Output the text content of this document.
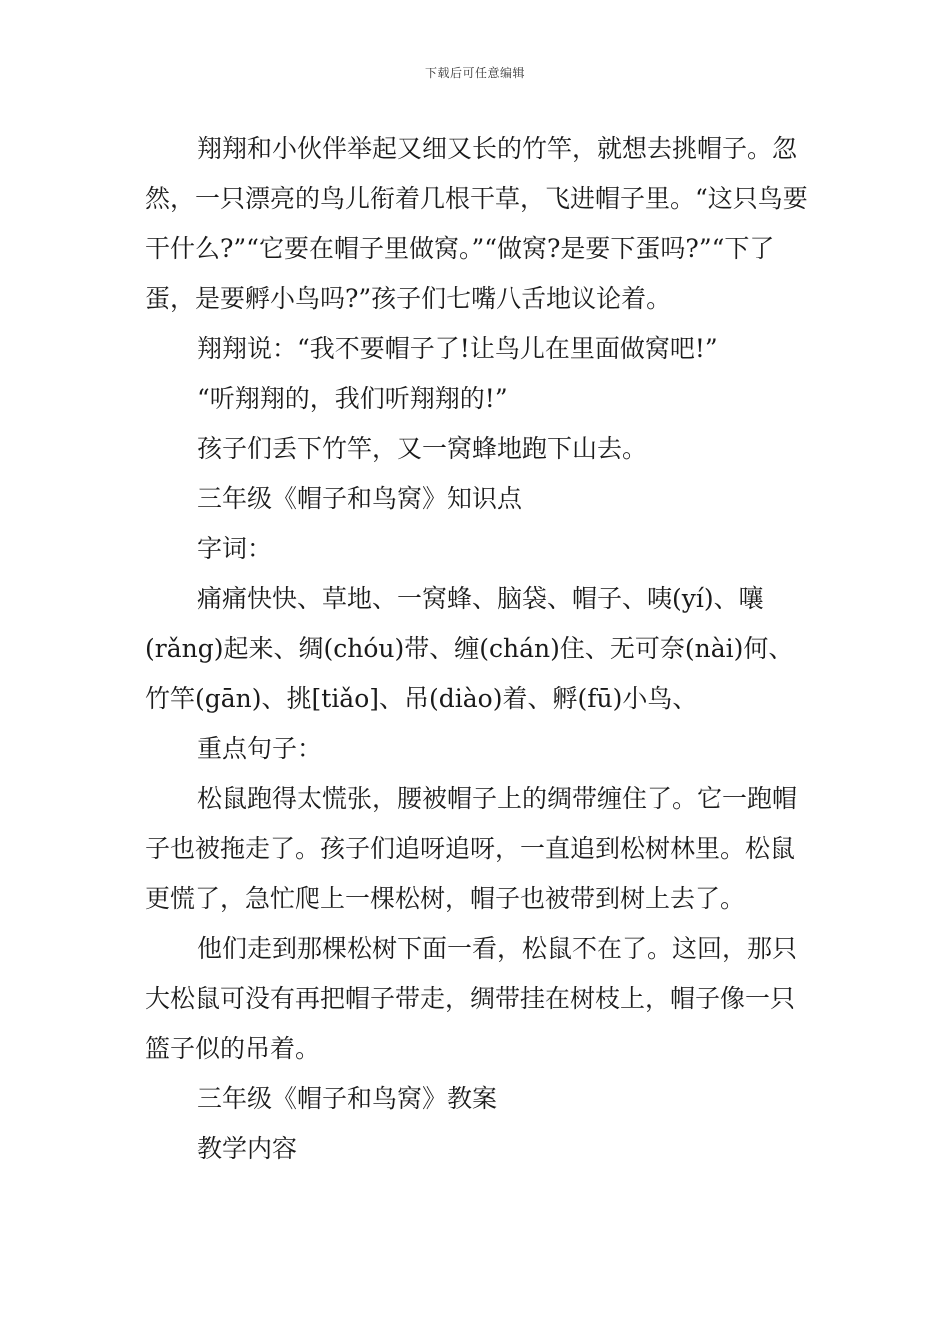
下载后可任意编辑

翔翔和小伙伴举起又细又长的竹竿，就想去挑帽子。忽然，一只漂亮的鸟儿衔着几根干草，飞进帽子里。“这只鸟要干什么?”“它要在帽子里做窝。”“做窝?是要下蛋吗?”“下了蛋，是要孵小鸟吗?”孩子们七嘴八舌地议论着。

翔翔说：“我不要帽子了!让鸟儿在里面做窝吧!”

“听翔翔的，我们听翔翔的!”

孩子们丢下竹竿，又一窝蜂地跑下山去。

三年级《帽子和鸟窝》知识点

字词：

痛痛快快、草地、一窝蜂、脑袋、帽子、咦(yí)、嚷(rǎng)起来、绸(chóu)带、缠(chán)住、无可奈(nài)何、竹竿(gān)、挑[tiǎo]、吊(diào)着、孵(fū)小鸟、

重点句子：

松鼠跑得太慌张，腰被帽子上的绸带缠住了。它一跑帽子也被拖走了。孩子们追呀追呀，一直追到松树林里。松鼠更慌了，急忙爬上一棵松树，帽子也被带到树上去了。

他们走到那棵松树下面一看，松鼠不在了。这回，那只大松鼠可没有再把帽子带走，绸带挂在树枝上，帽子像一只篮子似的吊着。

三年级《帽子和鸟窝》教案

教学内容
